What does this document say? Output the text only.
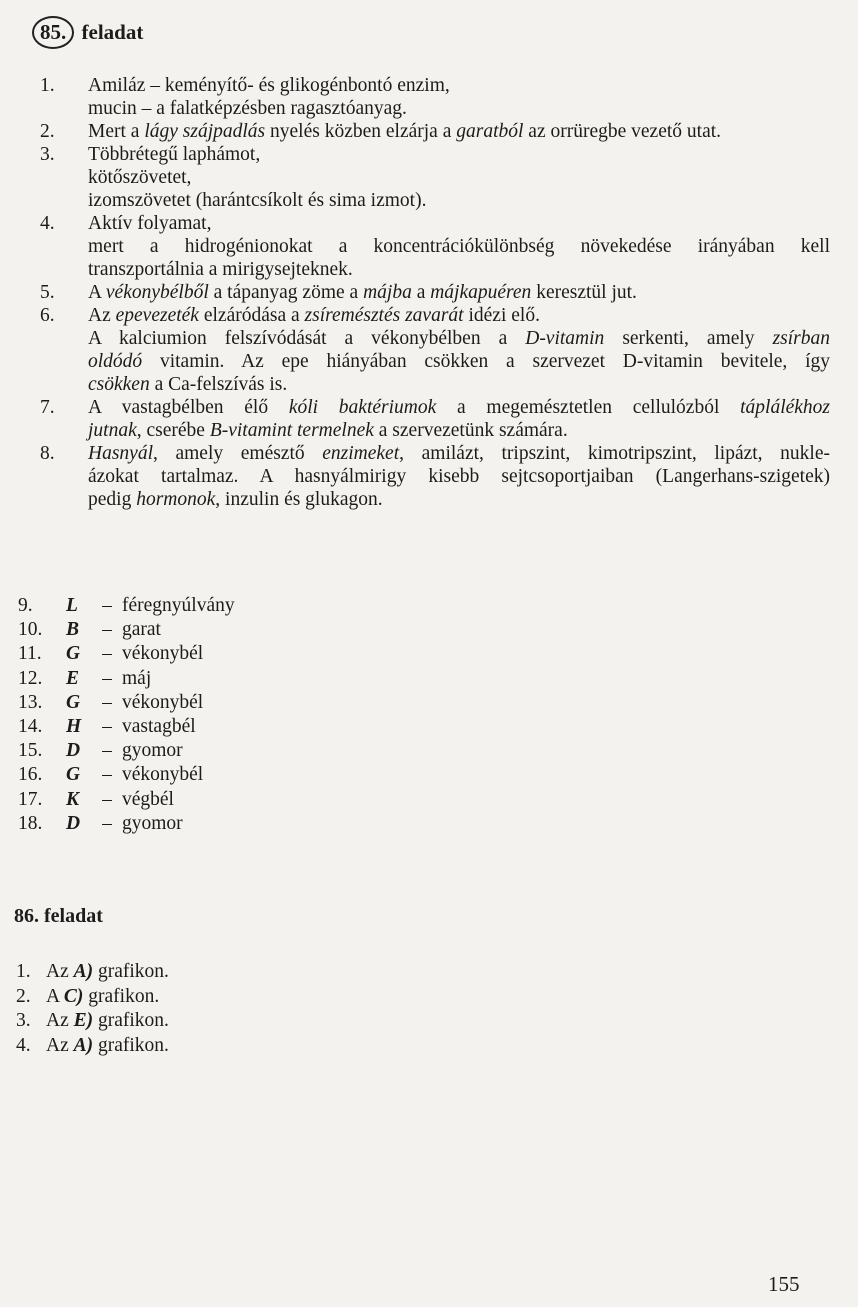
85. feladat
1.	Amiláz – keményítő- és glikogénbontó enzim,
mucin – a falatképzésben ragasztóanyag.
2.	Mert a lágy szájpadlás nyelés közben elzárja a garatból az orrüregbe vezető utat.
3.	Többrétegű laphámot,
kötőszövetet,
izomszövetet (harántcsíkolt és sima izmot).
4.	Aktív folyamat,
mert a hidrogénionokat a koncentrációkülönbség növekedése irányában kell
transzportálnia a mirigysejteknek.
5.	A vékonybélből a tápanyag zöme a májba a májkapuéren keresztül jut.
6.	Az epevezeték elzáródása a zsíremésztés zavarát idézi elő.
A kalciumion felszívódását a vékonybélben a D-vitamin serkenti, amely zsírban
oldódó vitamin. Az epe hiányában csökken a szervezet D-vitamin bevitele, így
csökken a Ca-felszívás is.
7.	A vastagbélben élő kóli baktériumok a megemésztetlen cellulózból táplálékhoz
jutnak, cserébe B-vitamint termelnek a szervezetünk számára.
8.	Hasnyál, amely emésztő enzimeket, amilázt, tripszint, kimotripszint, lipázt, nukle-
ázokat tartalmaz. A hasnyálmirigy kisebb sejtcsoportjaiban (Langerhans-szigetek)
pedig hormonok, inzulin és glukagon.
9.	L – féregnyúlvány
10.	B – garat
11.	G – vékonybél
12.	E – máj
13.	G – vékonybél
14.	H – vastagbél
15.	D – gyomor
16.	G – vékonybél
17.	K – végbél
18.	D – gyomor
86. feladat
1. Az A) grafikon.
2. A C) grafikon.
3. Az E) grafikon.
4. Az A) grafikon.
155
